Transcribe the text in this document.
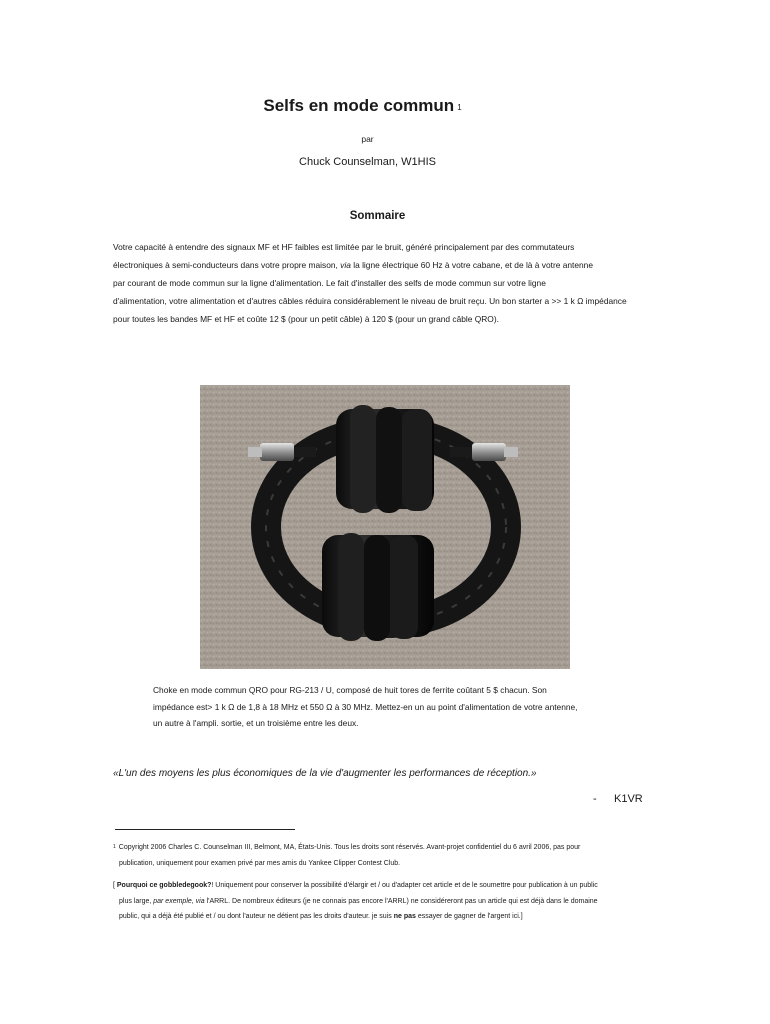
Selfs en mode commun $^1$
par
Chuck Counselman, W1HIS
Sommaire
Votre capacité à entendre des signaux MF et HF faibles est limitée par le bruit, généré principalement par des commutateurs
électroniques à semi-conducteurs dans votre propre maison, via la ligne électrique 60 Hz à votre cabane, et de là à votre antenne
par courant de mode commun sur la ligne d'alimentation. Le fait d'installer des selfs de mode commun sur votre ligne
d'alimentation, votre alimentation et d'autres câbles réduira considérablement le niveau de bruit reçu. Un bon starter a >> 1 k Ω impédance
pour toutes les bandes MF et HF et coûte 12 $ (pour un petit câble) à 120 $ (pour un grand câble QRO).
Choke en mode commun QRO pour RG-213 / U, composé de huit tores de ferrite coûtant 5 $ chacun. Son
impédance est> 1 k Ω de 1,8 à 18 MHz et 550 Ω à 30 MHz. Mettez-en un au point d'alimentation de votre antenne,
un autre à l'ampli. sortie, et un troisième entre les deux.
«L'un des moyens les plus économiques de la vie d'augmenter les performances de réception.»
- K1VR
1 Copyright 2006 Charles C. Counselman III, Belmont, MA, États-Unis. Tous les droits sont réservés. Avant-projet confidentiel du 6 avril 2006, pas pour
publication, uniquement pour examen privé par mes amis du Yankee Clipper Contest Club.
[ Pourquoi ce gobbledegook?! Uniquement pour conserver la possibilité d'élargir et / ou d'adapter cet article et de le soumettre pour publication à un public
plus large, par exemple, via l'ARRL. De nombreux éditeurs (je ne connais pas encore l'ARRL) ne considéreront pas un article qui est déjà dans le domaine
public, qui a déjà été publié et / ou dont l'auteur ne détient pas les droits d'auteur. je suis ne pas essayer de gagner de l'argent ici.]
